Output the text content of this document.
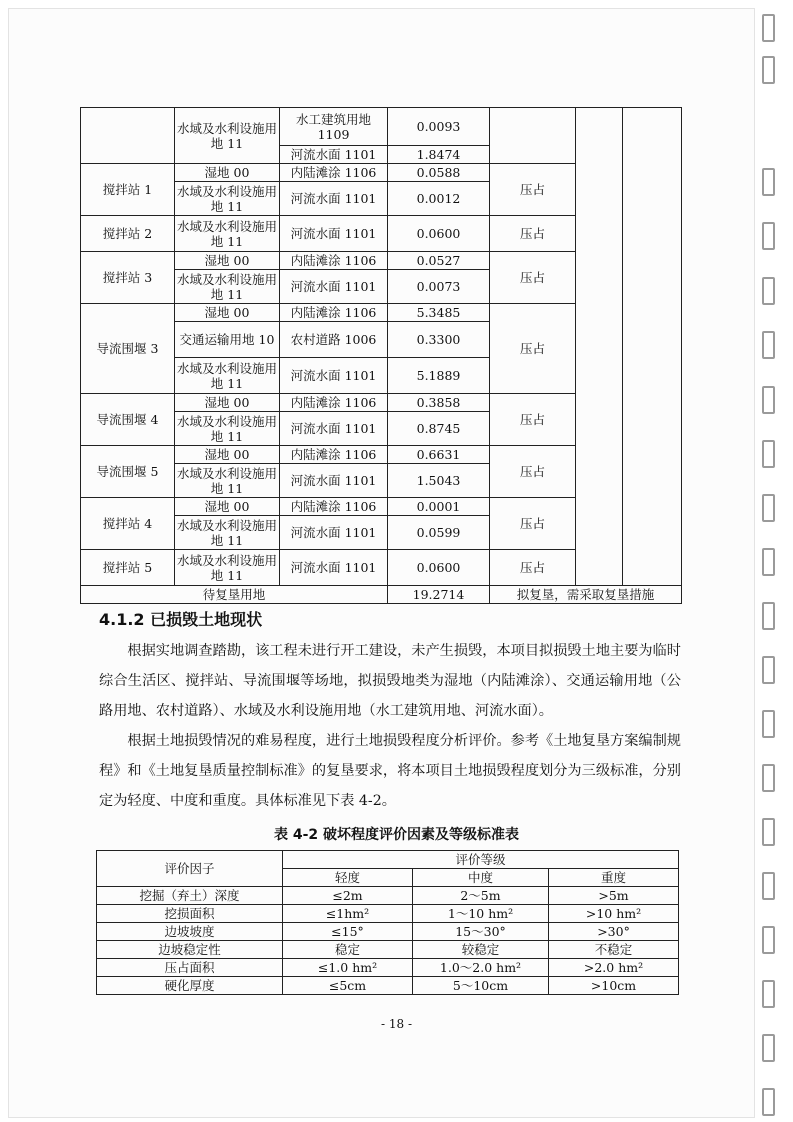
	水域及水利设施用地 11	水工建筑用地 1109	0.0093			
		河流水面 1101	1.8474			
搅拌站 1	湿地 00	内陆滩涂 1106	0.0588	压占		
	水域及水利设施用地 11	河流水面 1101	0.0012			
搅拌站 2	水域及水利设施用地 11	河流水面 1101	0.0600	压占		
搅拌站 3	湿地 00	内陆滩涂 1106	0.0527	压占		
	水域及水利设施用地 11	河流水面 1101	0.0073			
导流围堰 3	湿地 00	内陆滩涂 1106	5.3485	压占		
	交通运输用地 10	农村道路 1006	0.3300			
	水域及水利设施用地 11	河流水面 1101	5.1889			
导流围堰 4	湿地 00	内陆滩涂 1106	0.3858	压占		
	水域及水利设施用地 11	河流水面 1101	0.8745			
导流围堰 5	湿地 00	内陆滩涂 1106	0.6631	压占		
	水域及水利设施用地 11	河流水面 1101	1.5043			
搅拌站 4	湿地 00	内陆滩涂 1106	0.0001	压占		
	水域及水利设施用地 11	河流水面 1101	0.0599			
搅拌站 5	水域及水利设施用地 11	河流水面 1101	0.0600	压占		
待复垦用地			19.2714	拟复垦，需采取复垦措施		
4.1.2 已损毁土地现状
根据实地调查踏勘，该工程未进行开工建设，未产生损毁，本项目拟损毁土地主要为临时综合生活区、搅拌站、导流围堰等场地，拟损毁地类为湿地（内陆滩涂）、交通运输用地（公路用地、农村道路）、水域及水利设施用地（水工建筑用地、河流水面）。
根据土地损毁情况的难易程度，进行土地损毁程度分析评价。参考《土地复垦方案编制规程》和《土地复垦质量控制标准》的复垦要求，将本项目土地损毁程度划分为三级标准，分别定为轻度、中度和重度。具体标准见下表 4-2。
表 4-2 破坏程度评价因素及等级标准表
评价因子	评价等级		
	轻度	中度	重度
挖掘（弃土）深度	≤2m	2～5m	>5m
挖损面积	≤1hm²	1～10 hm²	>10 hm²
边坡坡度	≤15°	15～30°	>30°
边坡稳定性	稳定	较稳定	不稳定
压占面积	≤1.0 hm²	1.0～2.0 hm²	>2.0 hm²
硬化厚度	≤5cm	5～10cm	>10cm
- 18 -
